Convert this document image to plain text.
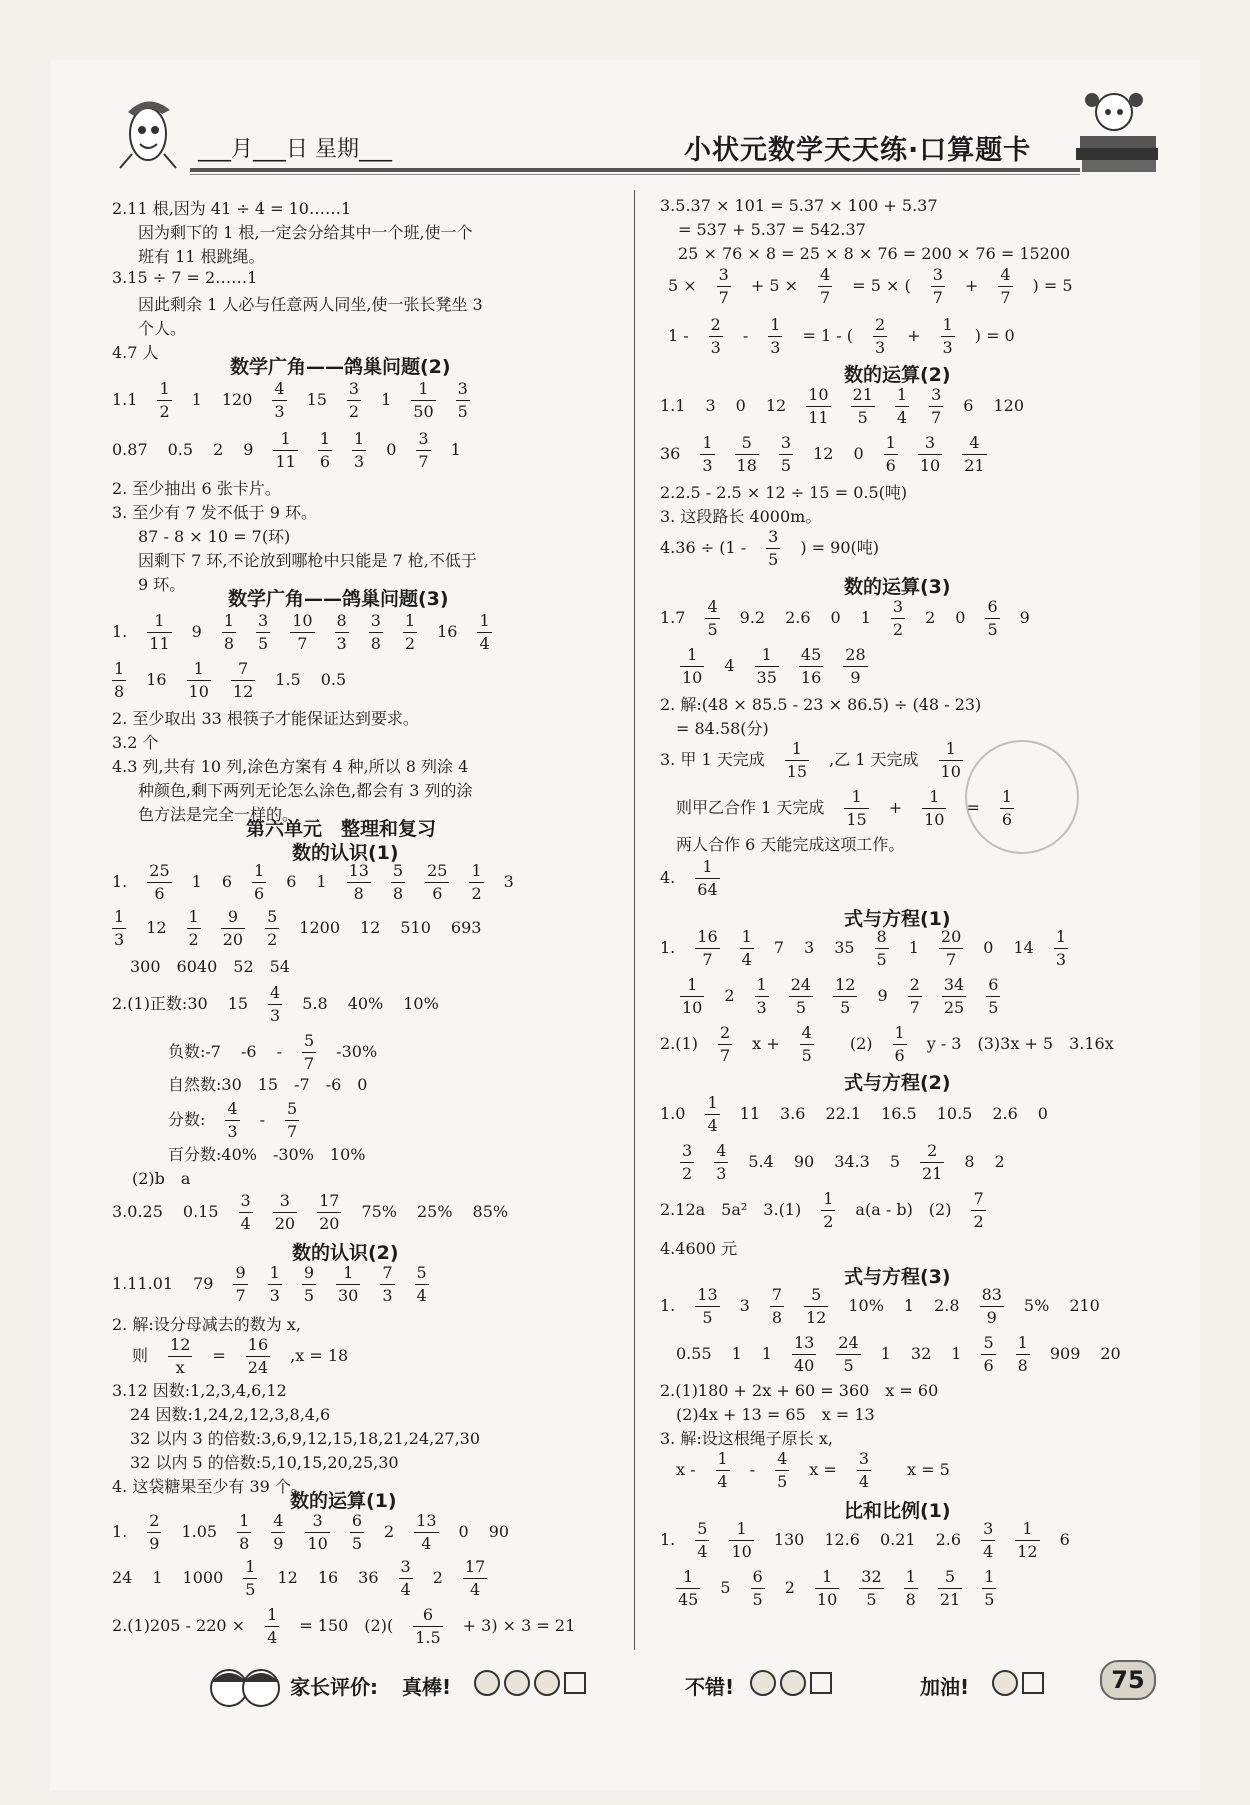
___月___日 星期___	小状元数学天天练·口算题卡
2.11 根,因为 41 ÷ 4 = 10……1
因为剩下的 1 根,一定会分给其中一个班,使一个
班有 11 根跳绳。
3.15 ÷ 7 = 2……1
因此剩余 1 人必与任意两人同坐,使一张长凳坐 3
个人。
4.7 人
数学广角——鸽巢问题(2)
$1.1 \frac{1}{2} 1$ $120 \frac{4}{3} 15 \frac{3}{2} 1 \frac{1}{50} \frac{3}{5}$
0.87 0.5 2 $9 \frac{1}{11} \frac{1}{6} \frac{1}{3} 0 \frac{3}{7} 1$
2. 至少抽出 6 张卡片。
3. 至少有 7 发不低于 9 环。
87 - 8 × 10 = 7(环)
因剩下 7 环,不论放到哪枪中只能是 7 枪,不低于
9 环。
数学广角——鸽巢问题(3)
1. $\frac{1}{11} 9 \frac{1}{8} \frac{3}{5} \frac{10}{7} \frac{8}{3} \frac{3}{8} \frac{1}{2} 16 \frac{1}{4}$
$\frac{1}{8} 16 \frac{1}{10} \frac{7}{12} 1.5$ 0.5
2. 至少取出 33 根筷子才能保证达到要求。
3.2 个
4.3 列,共有 10 列,涂色方案有 4 种,所以 8 列涂 4
种颜色,剩下两列无论怎么涂色,都会有 3 列的涂
色方法是完全一样的。
第六单元　整理和复习
数的认识(1)
1. $\frac{25}{6} 1$ $6 \frac{1}{6} 6$ $1 \frac{13}{8} \frac{5}{8} \frac{25}{6} \frac{1}{2} 3$
$\frac{1}{3} 12 \frac{1}{2} \frac{9}{20} \frac{5}{2} 1200$ 12 510 693
300　6040　52　54
2.(1)正数:30 $15 \frac{4}{3} 5.8$ 40% 10%
负数:-7 $-6 - \frac{5}{7} -30\%$
自然数:30　15　-7　-6　0
分数: $\frac{4}{3} - \frac{5}{7}$
百分数:40%　-30%　10%
(2)b　a
3.0.25 $0.15 \frac{3}{4} \frac{3}{20} \frac{17}{20} 75\%$ 25% 85%
数的认识(2)
1.11.01 $79 \frac{9}{7} \frac{1}{3} \frac{9}{5} \frac{1}{30} \frac{7}{3} \frac{5}{4}$
2. 解:设分母减去的数为 x,
则 $\frac{12}{x} = \frac{16}{24} ,x = 18$
3.12 因数:1,2,3,4,6,12
24 因数:1,24,2,12,3,8,4,6
32 以内 3 的倍数:3,6,9,12,15,18,21,24,27,30
32 以内 5 的倍数:5,10,15,20,25,30
4. 这袋糖果至少有 39 个。
数的运算(1)
1. $\frac{2}{9} 1.05 \frac{1}{8} \frac{4}{9} \frac{3}{10} \frac{6}{5} 2 \frac{13}{4} 0$ 90
24 1 $1000 \frac{1}{5} 12$ 16 $36 \frac{3}{4} 2 \frac{17}{4}$
$2.(1)205 - 220 \times \frac{1}{4} = 150$　$(2)( \frac{6}{1.5} + 3) \times 3 = 21$
3.5.37 × 101 = 5.37 × 100 + 5.37
= 537 + 5.37 = 542.37
25 × 76 × 8 = 25 × 8 × 76 = 200 × 76 = 15200
$5 \times \frac{3}{7} + 5 \times \frac{4}{7} = 5$ × ( $\frac{3}{7} + \frac{4}{7}$ ) = 5
$1 - \frac{2}{3} - \frac{1}{3} = 1$ - ( $\frac{2}{3} + \frac{1}{3}$ ) = 0
数的运算(2)
1.1 3 0 $12 \frac{10}{11} \frac{21}{5} \frac{1}{4} \frac{3}{7} 6$ 120
$36 \frac{1}{3} \frac{5}{18} \frac{3}{5} 12$ $0 \frac{1}{6} \frac{3}{10} \frac{4}{21}$
2.2.5 - 2.5 × 12 ÷ 15 = 0.5(吨)
3. 这段路长 4000m。
$4.36 \div (1 - \frac{3}{5}$ ) = 90(吨)
数的运算(3)
$1.7 \frac{4}{5} 9.2$ 2.6 0 $1 \frac{3}{2} 2$ $0 \frac{6}{5} 9$
$\frac{1}{10} 4 \frac{1}{35} \frac{45}{16} \frac{28}{9}$
2. 解:(48 × 85.5 - 23 × 86.5) ÷ (48 - 23)
= 84.58(分)
3. 甲 1 天完成 $\frac{1}{15}$ ,乙 1 天完成 $\frac{1}{10}$
则甲乙合作 1 天完成 $\frac{1}{15} + \frac{1}{10} = \frac{1}{6}$
两人合作 6 天能完成这项工作。
4. $\frac{1}{64}$
式与方程(1)
1. $\frac{16}{7} \frac{1}{4} 7$ 3 $35 \frac{8}{5} 1 \frac{20}{7} 0$ $14 \frac{1}{3}$
$\frac{1}{10} 2 \frac{1}{3} \frac{24}{5} \frac{12}{5} 9 \frac{2}{7} \frac{34}{25} \frac{6}{5}$
$2.(1) \frac{2}{7}$ $x + \frac{4}{5}$ 　$(2) \frac{1}{6}$ y - 3　(3)3x + 5　3.16x
式与方程(2)
$1.0 \frac{1}{4} 11$ 3.6 22.1 16.5 10.5 2.6 0
$\frac{3}{2} \frac{4}{3} 5.4$ 90 34.3 $5 \frac{2}{21} 8$ 2
2.12a　5a²　$3.(1) \frac{1}{2} a(a - b)$　$(2) \frac{7}{2}$
4.4600 元
式与方程(3)
1. $\frac{13}{5} 3 \frac{7}{8} \frac{5}{12} 10\%$ 1 $2.8 \frac{83}{9} 5\%$ 210
0.55 1 $1 \frac{13}{40} \frac{24}{5} 1$ 32 $1 \frac{5}{6} \frac{1}{8} 909$ 20
2.(1)180 + 2x + 60 = 360　x = 60
(2)4x + 13 = 65　x = 13
3. 解:设这根绳子原长 x,
x - $\frac{1}{4} - \frac{4}{5}$ $x = \frac{3}{4}$ 　x = 5
比和比例(1)
1. $\frac{5}{4} \frac{1}{10} 130$ 12.6 0.21 $2.6 \frac{3}{4} \frac{1}{12} 6$
$\frac{1}{45} 5 \frac{6}{5} 2 \frac{1}{10} \frac{32}{5} \frac{1}{8} \frac{5}{21} \frac{1}{5}$
家长评价: 真棒!	不错!	加油!	75
